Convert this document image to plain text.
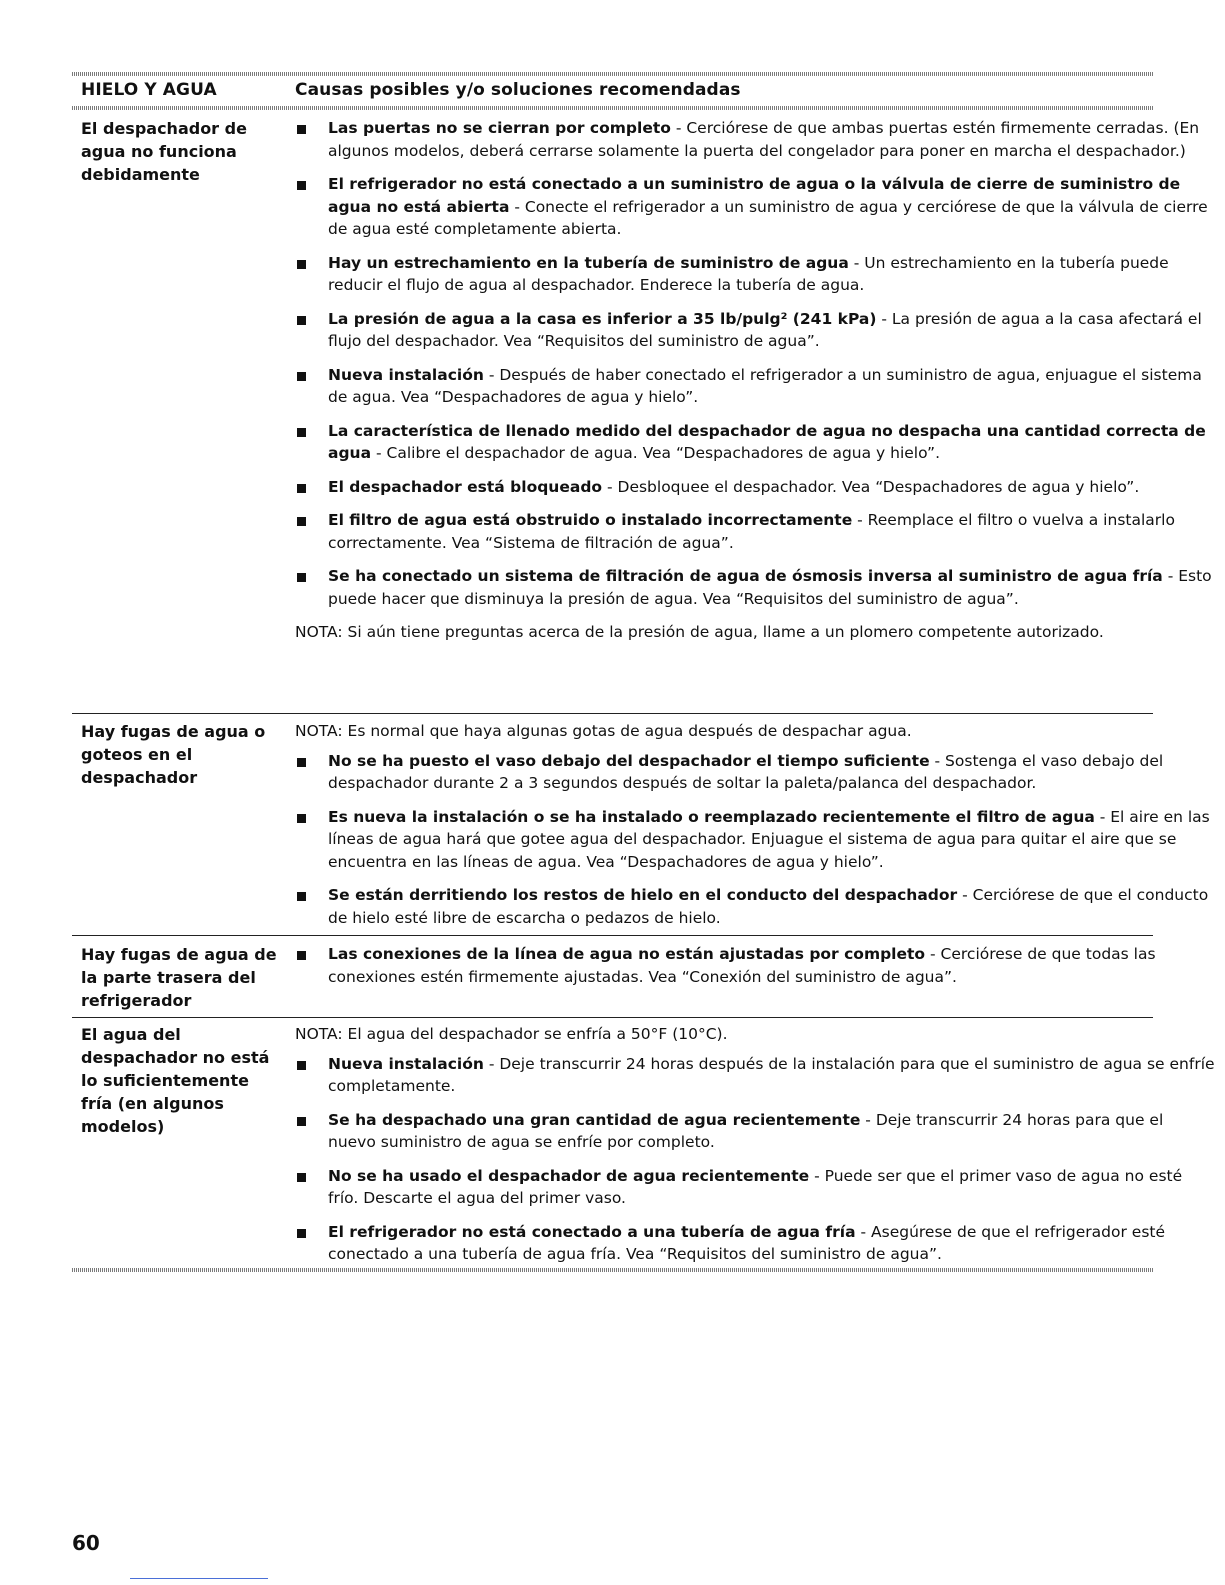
HIELO Y AGUA	Causas posibles y/o soluciones recomendadas
El despachador de agua no funciona debidamente
Las puertas no se cierran por completo - Cerciórese de que ambas puertas estén firmemente cerradas. (En algunos modelos, deberá cerrarse solamente la puerta del congelador para poner en marcha el despachador.)
El refrigerador no está conectado a un suministro de agua o la válvula de cierre de suministro de agua no está abierta - Conecte el refrigerador a un suministro de agua y cerciórese de que la válvula de cierre de agua esté completamente abierta.
Hay un estrechamiento en la tubería de suministro de agua - Un estrechamiento en la tubería puede reducir el flujo de agua al despachador. Enderece la tubería de agua.
La presión de agua a la casa es inferior a 35 lb/pulg² (241 kPa) - La presión de agua a la casa afectará el flujo del despachador. Vea “Requisitos del suministro de agua”.
Nueva instalación - Después de haber conectado el refrigerador a un suministro de agua, enjuague el sistema de agua. Vea “Despachadores de agua y hielo”.
La característica de llenado medido del despachador de agua no despacha una cantidad correcta de agua - Calibre el despachador de agua. Vea “Despachadores de agua y hielo”.
El despachador está bloqueado - Desbloquee el despachador. Vea “Despachadores de agua y hielo”.
El filtro de agua está obstruido o instalado incorrectamente - Reemplace el filtro o vuelva a instalarlo correctamente. Vea “Sistema de filtración de agua”.
Se ha conectado un sistema de filtración de agua de ósmosis inversa al suministro de agua fría - Esto puede hacer que disminuya la presión de agua. Vea “Requisitos del suministro de agua”.
NOTA: Si aún tiene preguntas acerca de la presión de agua, llame a un plomero competente autorizado.
Hay fugas de agua o goteos en el despachador
NOTA: Es normal que haya algunas gotas de agua después de despachar agua.
No se ha puesto el vaso debajo del despachador el tiempo suficiente - Sostenga el vaso debajo del despachador durante 2 a 3 segundos después de soltar la paleta/palanca del despachador.
Es nueva la instalación o se ha instalado o reemplazado recientemente el filtro de agua - El aire en las líneas de agua hará que gotee agua del despachador. Enjuague el sistema de agua para quitar el aire que se encuentra en las líneas de agua. Vea “Despachadores de agua y hielo”.
Se están derritiendo los restos de hielo en el conducto del despachador - Cerciórese de que el conducto de hielo esté libre de escarcha o pedazos de hielo.
Hay fugas de agua de la parte trasera del refrigerador
Las conexiones de la línea de agua no están ajustadas por completo - Cerciórese de que todas las conexiones estén firmemente ajustadas. Vea “Conexión del suministro de agua”.
El agua del despachador no está lo suficientemente fría (en algunos modelos)
NOTA: El agua del despachador se enfría a 50°F (10°C).
Nueva instalación - Deje transcurrir 24 horas después de la instalación para que el suministro de agua se enfríe completamente.
Se ha despachado una gran cantidad de agua recientemente - Deje transcurrir 24 horas para que el nuevo suministro de agua se enfríe por completo.
No se ha usado el despachador de agua recientemente - Puede ser que el primer vaso de agua no esté frío. Descarte el agua del primer vaso.
El refrigerador no está conectado a una tubería de agua fría - Asegúrese de que el refrigerador esté conectado a una tubería de agua fría. Vea “Requisitos del suministro de agua”.
60
